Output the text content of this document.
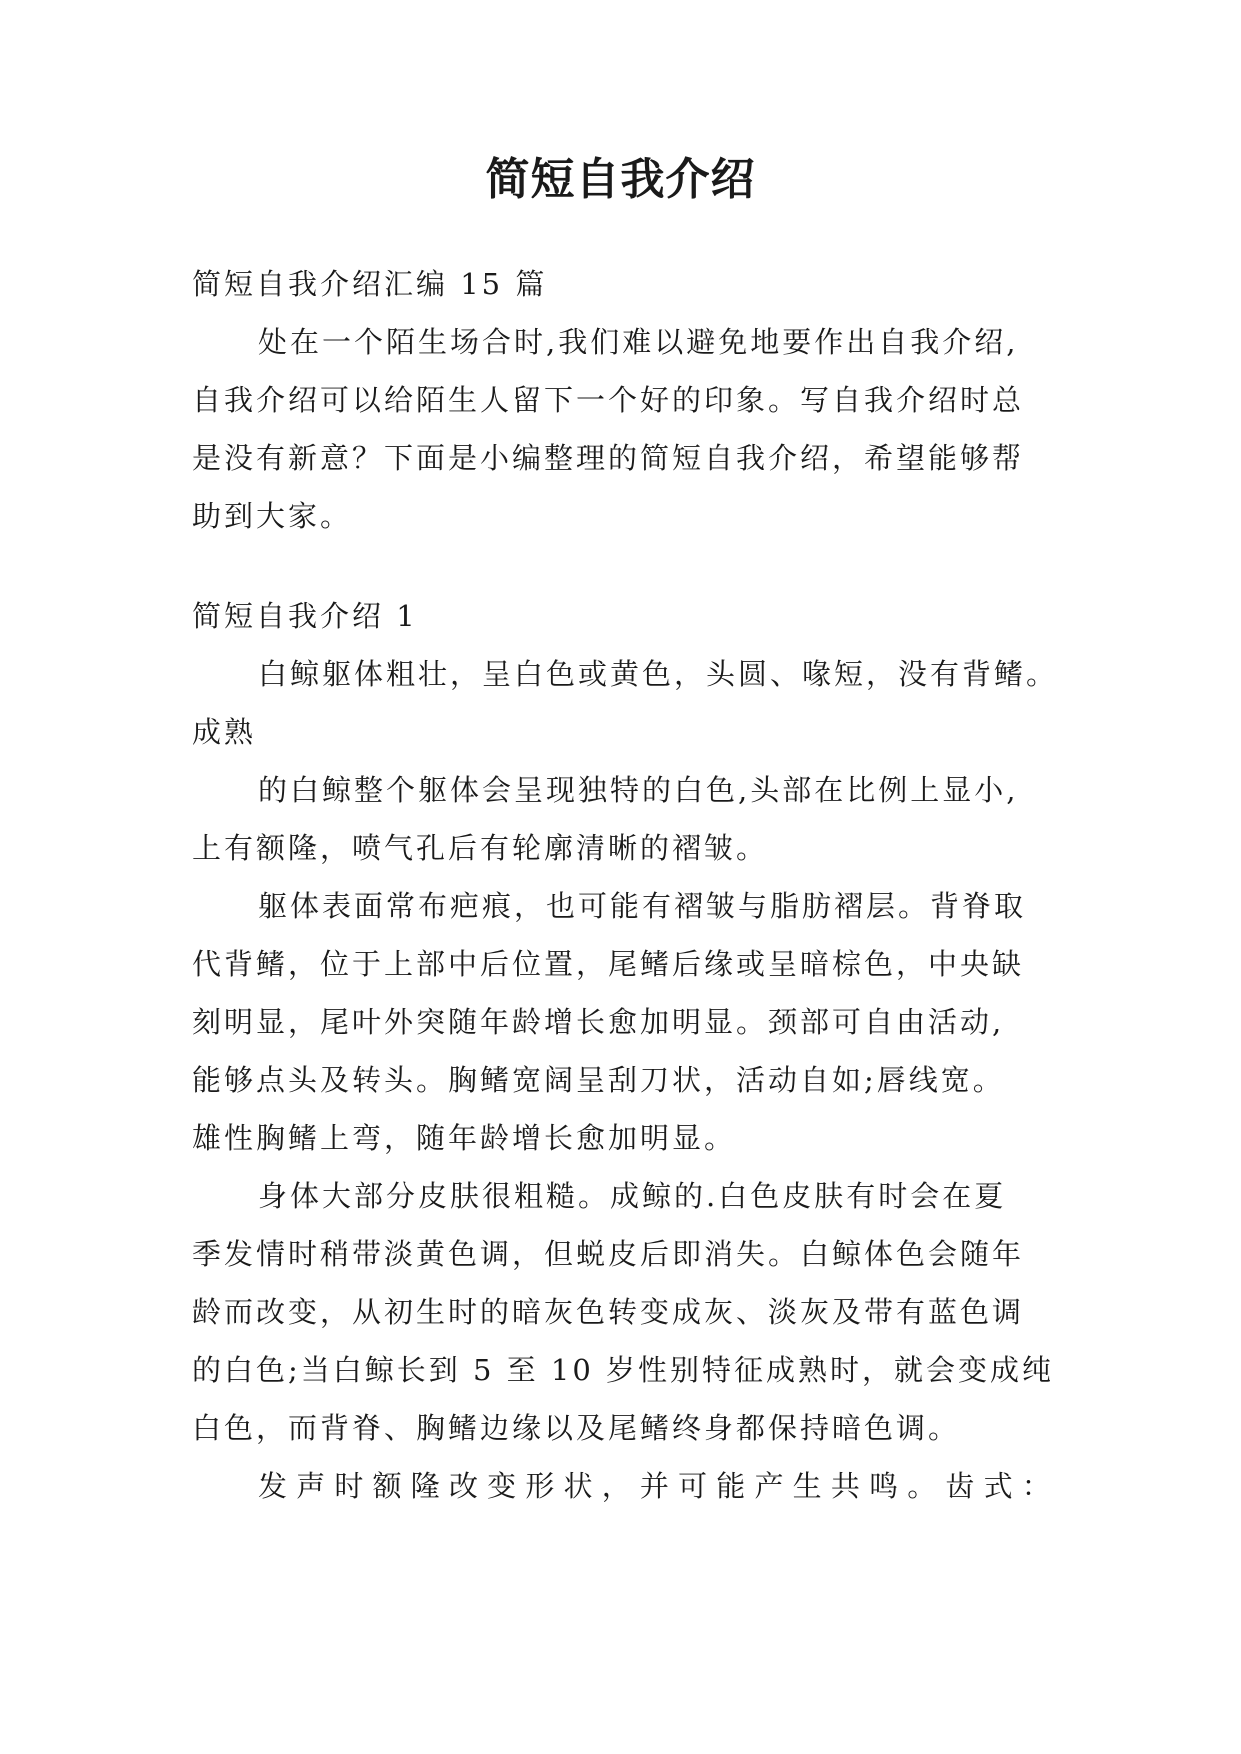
简短自我介绍
简短自我介绍汇编 15 篇
处在一个陌生场合时,我们难以避免地要作出自我介绍,
自我介绍可以给陌生人留下一个好的印象。写自我介绍时总
是没有新意？下面是小编整理的简短自我介绍，希望能够帮
助到大家。
简短自我介绍 1
白鲸躯体粗壮，呈白色或黄色，头圆、喙短，没有背鳍。
成熟
的白鲸整个躯体会呈现独特的白色,头部在比例上显小,
上有额隆，喷气孔后有轮廓清晰的褶皱。
躯体表面常布疤痕，也可能有褶皱与脂肪褶层。背脊取
代背鳍，位于上部中后位置，尾鳍后缘或呈暗棕色，中央缺
刻明显，尾叶外突随年龄增长愈加明显。颈部可自由活动,
能够点头及转头。胸鳍宽阔呈刮刀状，活动自如;唇线宽。
雄性胸鳍上弯，随年龄增长愈加明显。
身体大部分皮肤很粗糙。成鲸的.白色皮肤有时会在夏
季发情时稍带淡黄色调，但蜕皮后即消失。白鲸体色会随年
龄而改变，从初生时的暗灰色转变成灰、淡灰及带有蓝色调
的白色;当白鲸长到 5 至 10 岁性别特征成熟时，就会变成纯
白色，而背脊、胸鳍边缘以及尾鳍终身都保持暗色调。
发声时额隆改变形状，并可能产生共鸣。齿式：
